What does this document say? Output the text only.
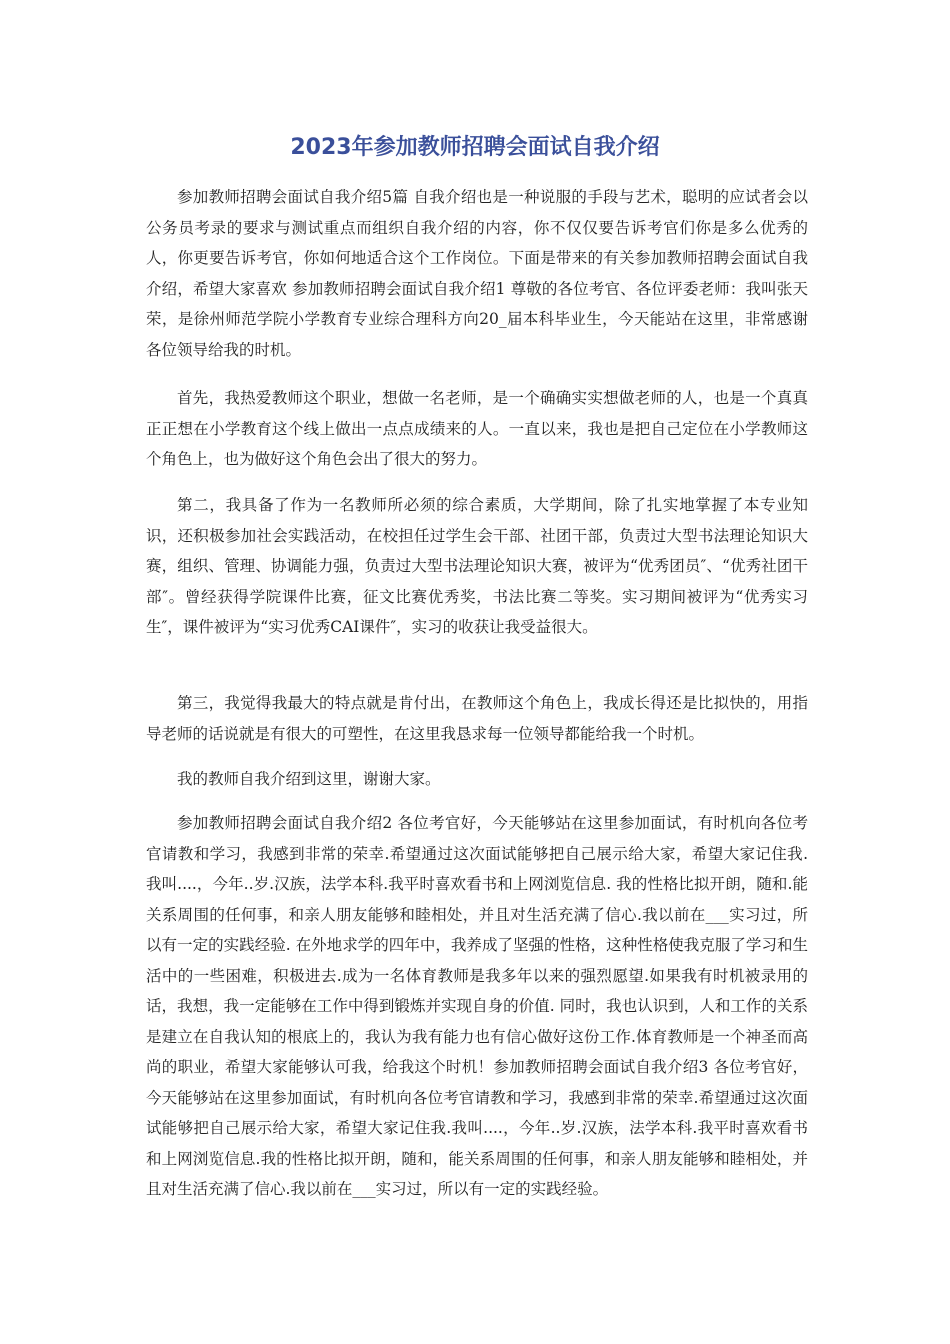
2023年参加教师招聘会面试自我介绍

参加教师招聘会面试自我介绍5篇 自我介绍也是一种说服的手段与艺术，聪明的应试者会以公务员考录的要求与测试重点而组织自我介绍的内容，你不仅仅要告诉考官们你是多么优秀的人，你更要告诉考官，你如何地适合这个工作岗位。下面是带来的有关参加教师招聘会面试自我介绍，希望大家喜欢 参加教师招聘会面试自我介绍1 尊敬的各位考官、各位评委老师：我叫张天荣，是徐州师范学院小学教育专业综合理科方向20_届本科毕业生，今天能站在这里，非常感谢各位领导给我的时机。

首先，我热爱教师这个职业，想做一名老师，是一个确确实实想做老师的人，也是一个真真正正想在小学教育这个线上做出一点点成绩来的人。一直以来，我也是把自己定位在小学教师这个角色上，也为做好这个角色会出了很大的努力。

第二，我具备了作为一名教师所必须的综合素质，大学期间，除了扎实地掌握了本专业知识，还积极参加社会实践活动，在校担任过学生会干部、社团干部，负责过大型书法理论知识大赛，组织、管理、协调能力强，负责过大型书法理论知识大赛，被评为“优秀团员″、“优秀社团干部″。曾经获得学院课件比赛，征文比赛优秀奖，书法比赛二等奖。实习期间被评为“优秀实习生″，课件被评为“实习优秀CAI课件″，实习的收获让我受益很大。

第三，我觉得我最大的特点就是肯付出，在教师这个角色上，我成长得还是比拟快的，用指导老师的话说就是有很大的可塑性，在这里我恳求每一位领导都能给我一个时机。

我的教师自我介绍到这里，谢谢大家。

参加教师招聘会面试自我介绍2 各位考官好，今天能够站在这里参加面试，有时机向各位考官请教和学习，我感到非常的荣幸.希望通过这次面试能够把自己展示给大家，希望大家记住我. 我叫....，今年..岁.汉族，法学本科.我平时喜欢看书和上网浏览信息. 我的性格比拟开朗，随和.能关系周围的任何事，和亲人朋友能够和睦相处，并且对生活充满了信心.我以前在___实习过，所以有一定的实践经验. 在外地求学的四年中，我养成了坚强的性格，这种性格使我克服了学习和生活中的一些困难，积极进去.成为一名体育教师是我多年以来的强烈愿望.如果我有时机被录用的话，我想，我一定能够在工作中得到锻炼并实现自身的价值. 同时，我也认识到，人和工作的关系是建立在自我认知的根底上的，我认为我有能力也有信心做好这份工作.体育教师是一个神圣而高尚的职业，希望大家能够认可我，给我这个时机！参加教师招聘会面试自我介绍3 各位考官好，今天能够站在这里参加面试，有时机向各位考官请教和学习，我感到非常的荣幸.希望通过这次面试能够把自己展示给大家，希望大家记住我.我叫....，今年..岁.汉族，法学本科.我平时喜欢看书和上网浏览信息.我的性格比拟开朗，随和，能关系周围的任何事，和亲人朋友能够和睦相处，并且对生活充满了信心.我以前在___实习过，所以有一定的实践经验。
